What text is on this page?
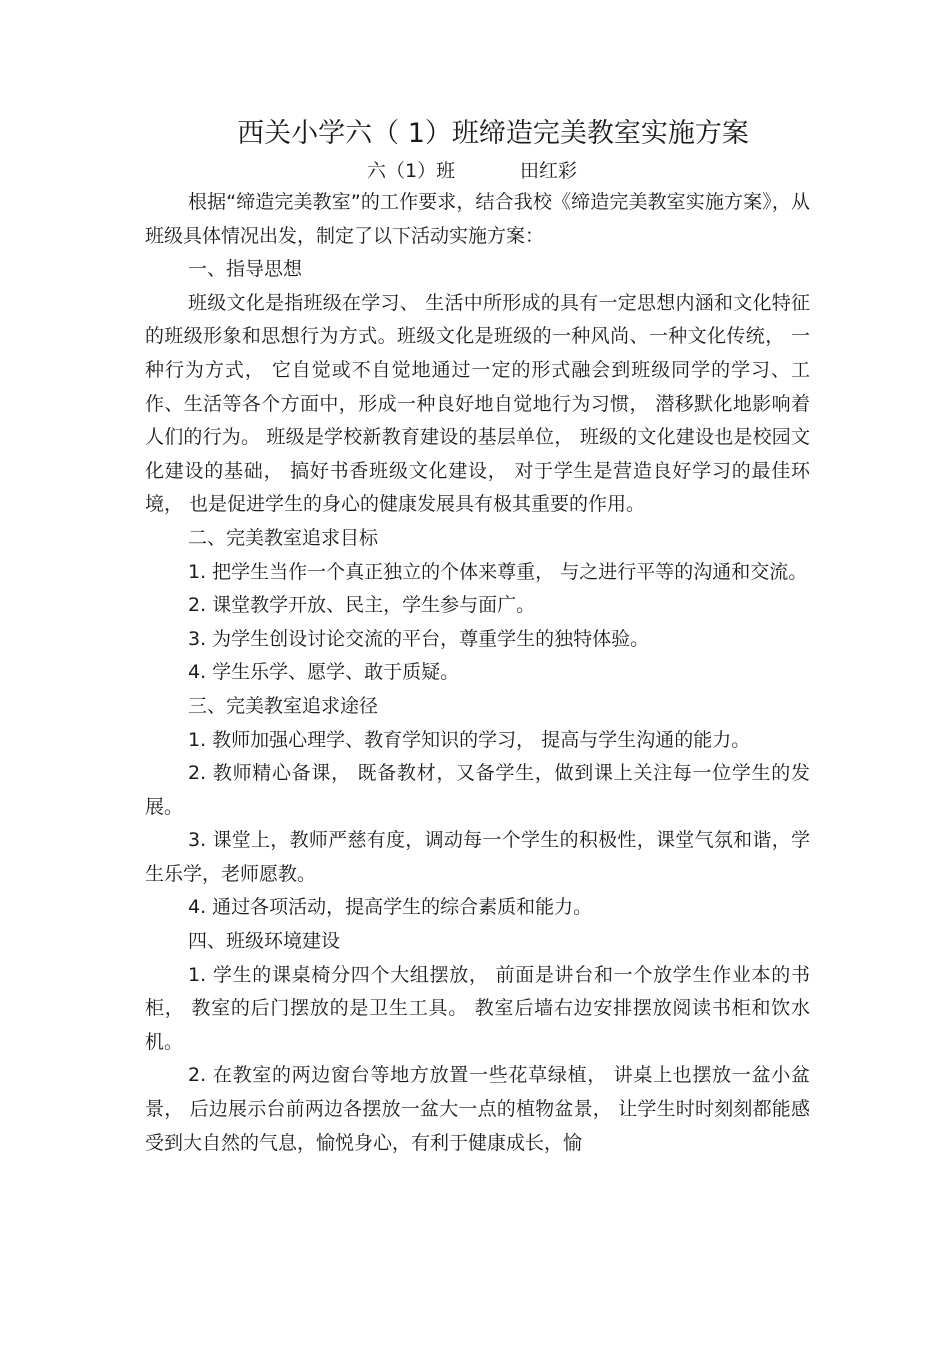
西关小学六（ 1）班缔造完美教室实施方案
六（1）班	田红彩

根据“缔造完美教室”的工作要求，结合我校《缔造完美教室实施方案》，从班级具体情况出发，制定了以下活动实施方案：

一、指导思想

班级文化是指班级在学习、 生活中所形成的具有一定思想内涵和文化特征的班级形象和思想行为方式。班级文化是班级的一种风尚、一种文化传统， 一种行为方式， 它自觉或不自觉地通过一定的形式融会到班级同学的学习、工作、生活等各个方面中，形成一种良好地自觉地行为习惯， 潜移默化地影响着人们的行为。 班级是学校新教育建设的基层单位， 班级的文化建设也是校园文化建设的基础， 搞好书香班级文化建设， 对于学生是营造良好学习的最佳环境， 也是促进学生的身心的健康发展具有极其重要的作用。

二、完美教室追求目标

1. 把学生当作一个真正独立的个体来尊重， 与之进行平等的沟通和交流。

2. 课堂教学开放、民主，学生参与面广。

3. 为学生创设讨论交流的平台，尊重学生的独特体验。

4. 学生乐学、愿学、敢于质疑。

三、完美教室追求途径

1. 教师加强心理学、教育学知识的学习， 提高与学生沟通的能力。

2. 教师精心备课， 既备教材，又备学生，做到课上关注每一位学生的发展。

3. 课堂上，教师严慈有度，调动每一个学生的积极性，课堂气氛和谐，学生乐学，老师愿教。

4. 通过各项活动，提高学生的综合素质和能力。

四、班级环境建设

1. 学生的课桌椅分四个大组摆放， 前面是讲台和一个放学生作业本的书柜， 教室的后门摆放的是卫生工具。 教室后墙右边安排摆放阅读书柜和饮水机。

2. 在教室的两边窗台等地方放置一些花草绿植， 讲桌上也摆放一盆小盆景， 后边展示台前两边各摆放一盆大一点的植物盆景， 让学生时时刻刻都能感受到大自然的气息，愉悦身心，有利于健康成长，愉
